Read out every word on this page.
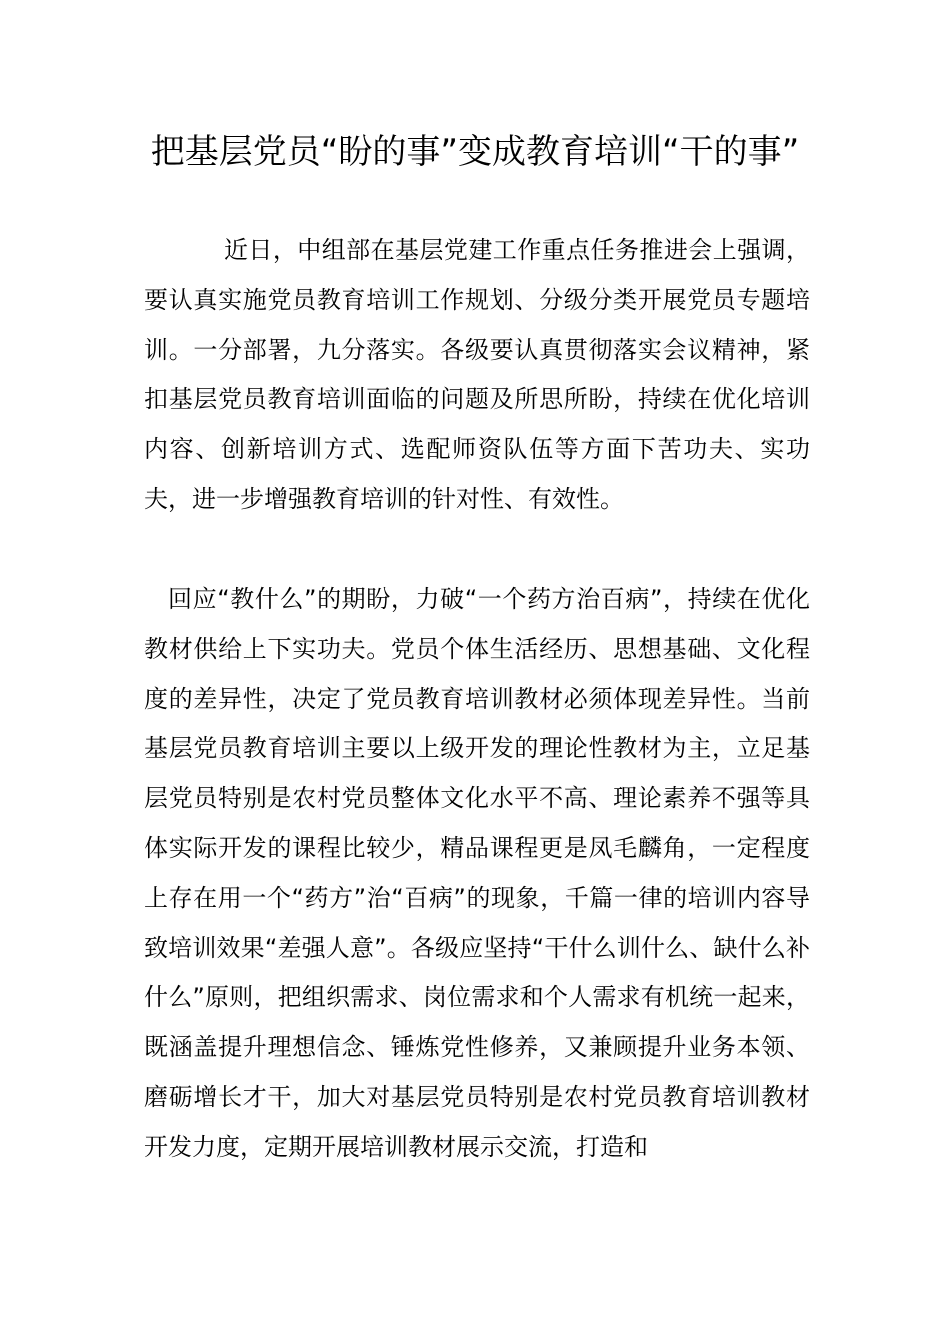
把基层党员“盼的事”变成教育培训“干的事”

近日，中组部在基层党建工作重点任务推进会上强调，要认真实施党员教育培训工作规划、分级分类开展党员专题培训。一分部署，九分落实。各级要认真贯彻落实会议精神，紧扣基层党员教育培训面临的问题及所思所盼，持续在优化培训内容、创新培训方式、选配师资队伍等方面下苦功夫、实功夫，进一步增强教育培训的针对性、有效性。

回应“教什么”的期盼，力破“一个药方治百病”，持续在优化教材供给上下实功夫。党员个体生活经历、思想基础、文化程度的差异性，决定了党员教育培训教材必须体现差异性。当前基层党员教育培训主要以上级开发的理论性教材为主，立足基层党员特别是农村党员整体文化水平不高、理论素养不强等具体实际开发的课程比较少，精品课程更是凤毛麟角，一定程度上存在用一个“药方”治“百病”的现象，千篇一律的培训内容导致培训效果“差强人意”。各级应坚持“干什么训什么、缺什么补什么”原则，把组织需求、岗位需求和个人需求有机统一起来，既涵盖提升理想信念、锤炼党性修养，又兼顾提升业务本领、磨砺增长才干，加大对基层党员特别是农村党员教育培训教材开发力度，定期开展培训教材展示交流，打造和
